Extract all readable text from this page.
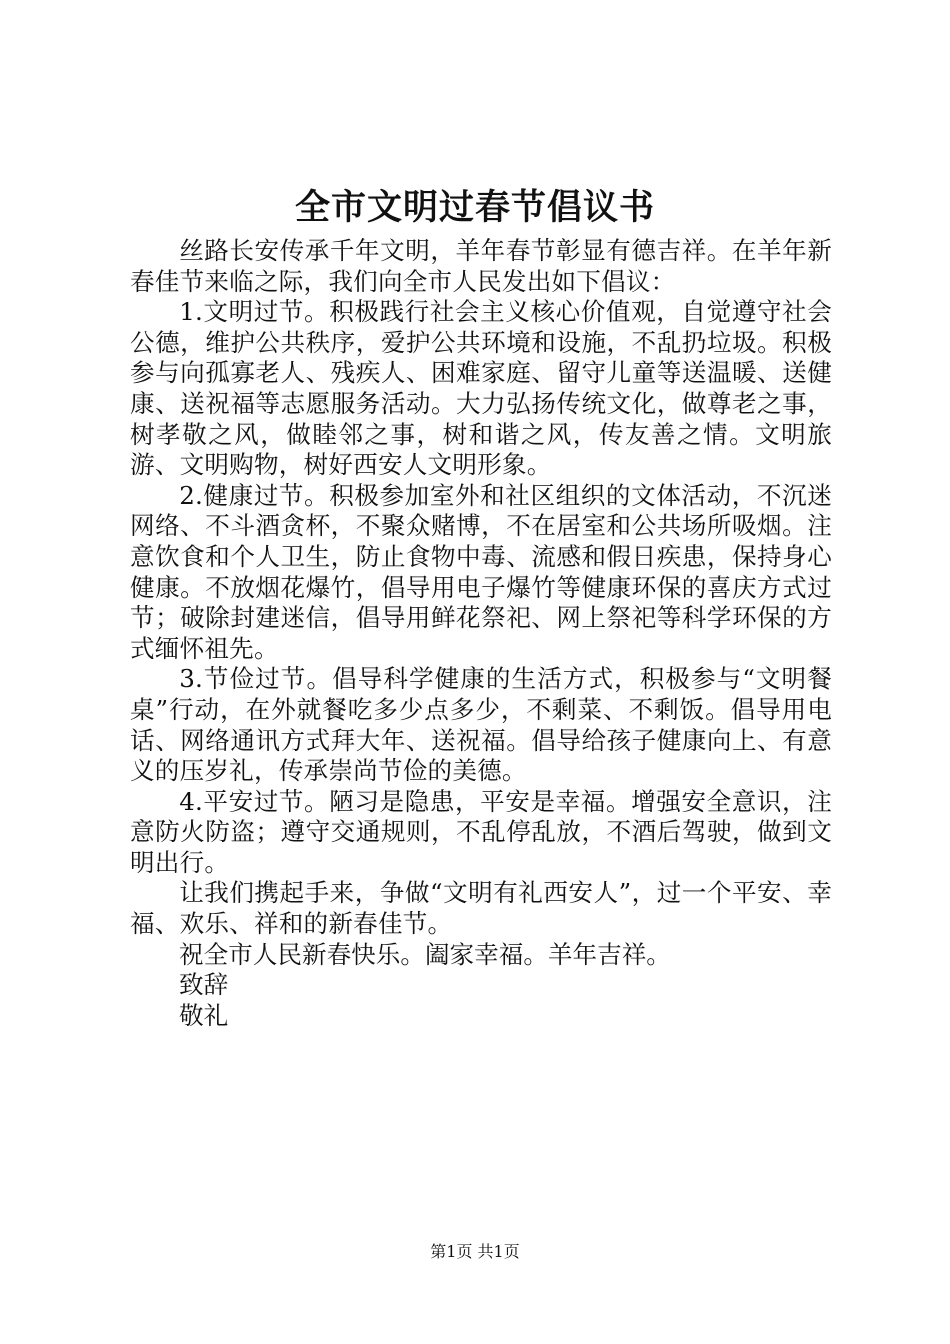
全市文明过春节倡议书

丝路长安传承千年文明，羊年春节彰显有德吉祥。在羊年新春佳节来临之际，我们向全市人民发出如下倡议：

1.文明过节。积极践行社会主义核心价值观，自觉遵守社会公德，维护公共秩序，爱护公共环境和设施，不乱扔垃圾。积极参与向孤寡老人、残疾人、困难家庭、留守儿童等送温暖、送健康、送祝福等志愿服务活动。大力弘扬传统文化，做尊老之事，树孝敬之风，做睦邻之事，树和谐之风，传友善之情。文明旅游、文明购物，树好西安人文明形象。

2.健康过节。积极参加室外和社区组织的文体活动，不沉迷网络、不斗酒贪杯，不聚众赌博，不在居室和公共场所吸烟。注意饮食和个人卫生，防止食物中毒、流感和假日疾患，保持身心健康。不放烟花爆竹，倡导用电子爆竹等健康环保的喜庆方式过节；破除封建迷信，倡导用鲜花祭祀、网上祭祀等科学环保的方式缅怀祖先。

3.节俭过节。倡导科学健康的生活方式，积极参与“文明餐桌”行动，在外就餐吃多少点多少，不剩菜、不剩饭。倡导用电话、网络通讯方式拜大年、送祝福。倡导给孩子健康向上、有意义的压岁礼，传承崇尚节俭的美德。

4.平安过节。陋习是隐患，平安是幸福。增强安全意识，注意防火防盗；遵守交通规则，不乱停乱放，不酒后驾驶，做到文明出行。

让我们携起手来，争做“文明有礼西安人”，过一个平安、幸福、欢乐、祥和的新春佳节。

祝全市人民新春快乐。阖家幸福。羊年吉祥。

致辞

敬礼

第1页 共1页
